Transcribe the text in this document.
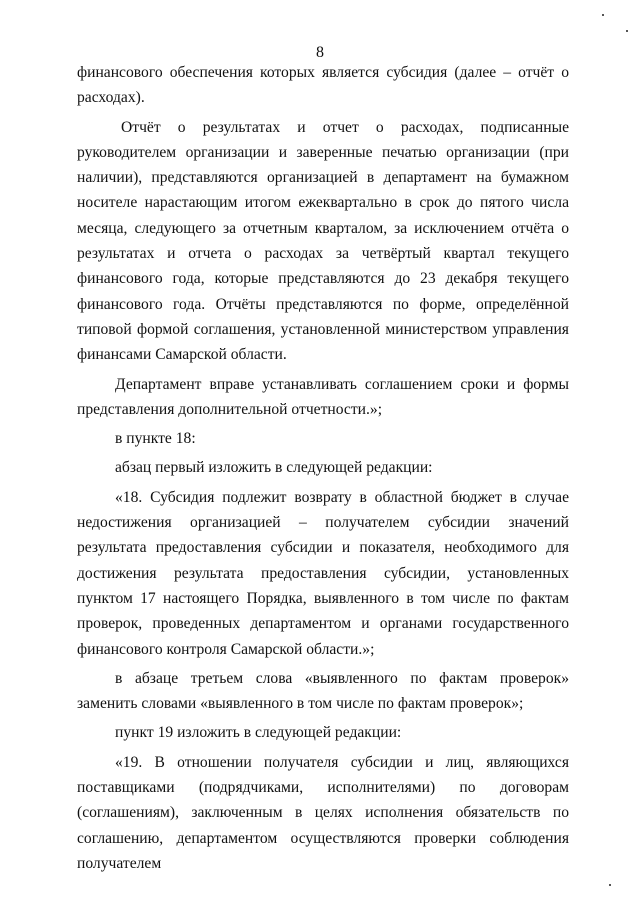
8

финансового обеспечения которых является субсидия (далее – отчёт о расходах).

Отчёт о результатах и отчет о расходах, подписанные руководителем организации и заверенные печатью организации (при наличии), представляются организацией в департамент на бумажном носителе нарастающим итогом ежеквартально в срок до пятого числа месяца, следующего за отчетным кварталом, за исключением отчёта о результатах и отчета о расходах за четвёртый квартал текущего финансового года, которые представляются до 23 декабря текущего финансового года. Отчёты представляются по форме, определённой типовой формой соглашения, установленной министерством управления финансами Самарской области.

Департамент вправе устанавливать соглашением сроки и формы представления дополнительной отчетности.»;

в пункте 18:

абзац первый изложить в следующей редакции:

«18. Субсидия подлежит возврату в областной бюджет в случае недостижения организацией – получателем субсидии значений результата предоставления субсидии и показателя, необходимого для достижения результата предоставления субсидии, установленных пунктом 17 настоящего Порядка, выявленного в том числе по фактам проверок, проведенных департаментом и органами государственного финансового контроля Самарской области.»;

в абзаце третьем слова «выявленного по фактам проверок» заменить словами «выявленного в том числе по фактам проверок»;

пункт 19 изложить в следующей редакции:

«19. В отношении получателя субсидии и лиц, являющихся поставщиками (подрядчиками, исполнителями) по договорам (соглашениям), заключенным в целях исполнения обязательств по соглашению, департаментом осуществляются проверки соблюдения получателем
